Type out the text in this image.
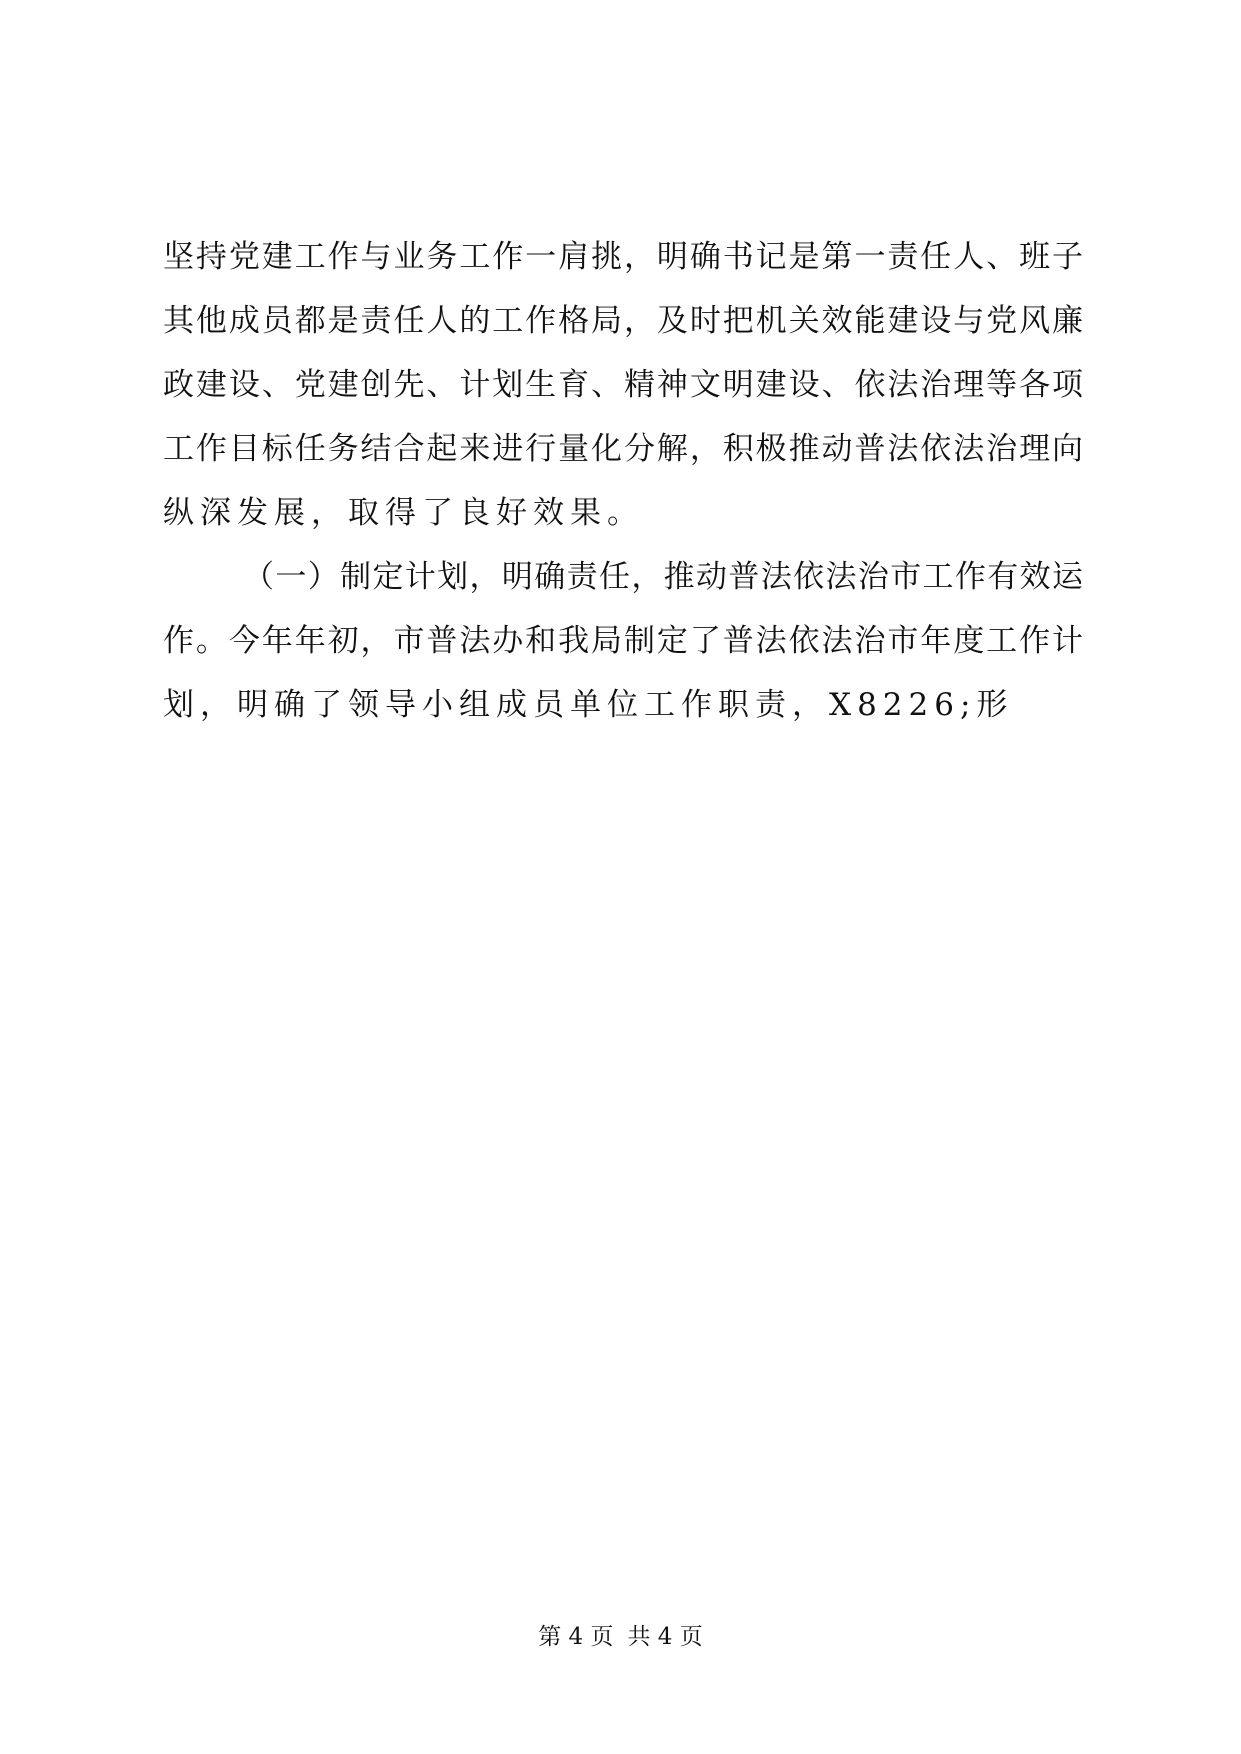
坚持党建工作与业务工作一肩挑，明确书记是第一责任人、班子
其他成员都是责任人的工作格局，及时把机关效能建设与党风廉
政建设、党建创先、计划生育、精神文明建设、依法治理等各项
工作目标任务结合起来进行量化分解，积极推动普法依法治理向
纵深发展，取得了良好效果。
（一）制定计划，明确责任，推动普法依法治市工作有效运
作。今年年初，市普法办和我局制定了普法依法治市年度工作计
划，明确了领导小组成员单位工作职责，X8226;形
第 4 页 共 4 页
